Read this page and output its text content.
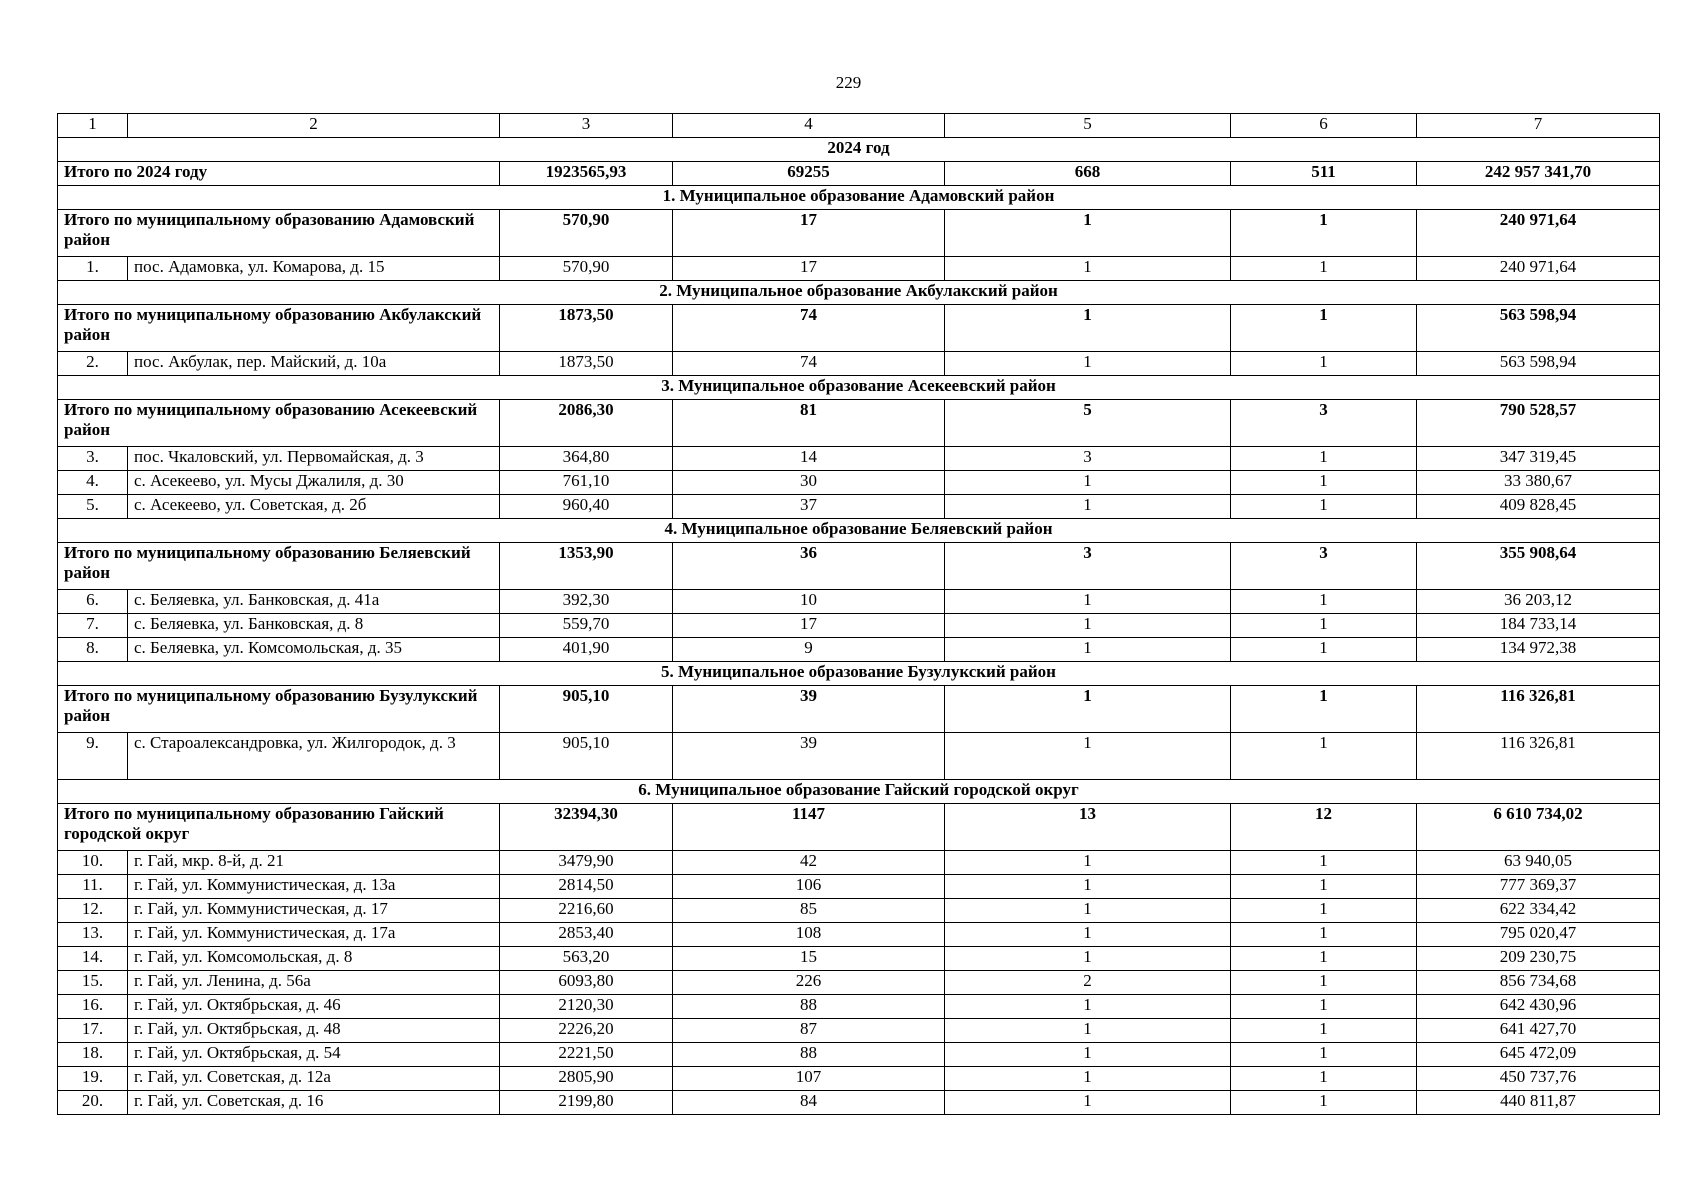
229
1	2	3	4	5	6	7
2024 год						
Итого по 2024 году		1923565,93	69255	668	511	242 957 341,70
1. Муниципальное образование Адамовский район						
Итого по муниципальному образованию Адамовский район		570,90	17	1	1	240 971,64
1.	пос. Адамовка, ул. Комарова, д. 15	570,90	17	1	1	240 971,64
2. Муниципальное образование Акбулакский район						
Итого по муниципальному образованию Акбулакский район		1873,50	74	1	1	563 598,94
2.	пос. Акбулак, пер. Майский, д. 10а	1873,50	74	1	1	563 598,94
3. Муниципальное образование Асекеевский район						
Итого по муниципальному образованию Асекеевский район		2086,30	81	5	3	790 528,57
3.	пос. Чкаловский, ул. Первомайская, д. 3	364,80	14	3	1	347 319,45
4.	с. Асекеево, ул. Мусы Джалиля, д. 30	761,10	30	1	1	33 380,67
5.	с. Асекеево, ул. Советская, д. 2б	960,40	37	1	1	409 828,45
4. Муниципальное образование Беляевский район						
Итого по муниципальному образованию Беляевский район		1353,90	36	3	3	355 908,64
6.	с. Беляевка, ул. Банковская, д. 41а	392,30	10	1	1	36 203,12
7.	с. Беляевка, ул. Банковская, д. 8	559,70	17	1	1	184 733,14
8.	с. Беляевка, ул. Комсомольская, д. 35	401,90	9	1	1	134 972,38
5. Муниципальное образование Бузулукский район						
Итого по муниципальному образованию Бузулукский район		905,10	39	1	1	116 326,81
9.	с. Староалександровка, ул. Жилгородок, д. 3	905,10	39	1	1	116 326,81
6. Муниципальное образование Гайский городской округ						
Итого по муниципальному образованию Гайский городской округ		32394,30	1147	13	12	6 610 734,02
10.	г. Гай, мкр. 8-й, д. 21	3479,90	42	1	1	63 940,05
11.	г. Гай, ул. Коммунистическая, д. 13а	2814,50	106	1	1	777 369,37
12.	г. Гай, ул. Коммунистическая, д. 17	2216,60	85	1	1	622 334,42
13.	г. Гай, ул. Коммунистическая, д. 17а	2853,40	108	1	1	795 020,47
14.	г. Гай, ул. Комсомольская, д. 8	563,20	15	1	1	209 230,75
15.	г. Гай, ул. Ленина, д. 56а	6093,80	226	2	1	856 734,68
16.	г. Гай, ул. Октябрьская, д. 46	2120,30	88	1	1	642 430,96
17.	г. Гай, ул. Октябрьская, д. 48	2226,20	87	1	1	641 427,70
18.	г. Гай, ул. Октябрьская, д. 54	2221,50	88	1	1	645 472,09
19.	г. Гай, ул. Советская, д. 12а	2805,90	107	1	1	450 737,76
20.	г. Гай, ул. Советская, д. 16	2199,80	84	1	1	440 811,87
